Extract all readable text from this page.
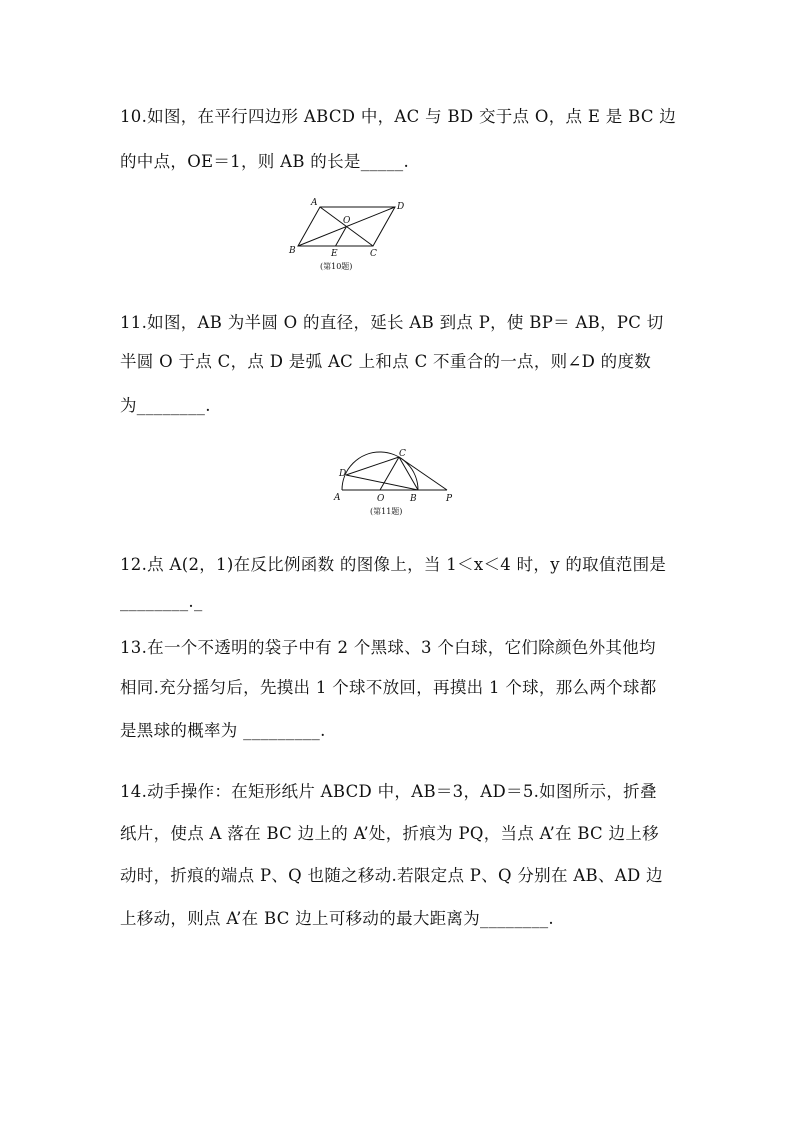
10.如图，在平行四边形 ABCD 中，AC 与 BD 交于点 O，点 E 是 BC 边
的中点，OE＝1，则 AB 的长是_____.
A	D
B	C
O
E
(第10题)
11.如图，AB 为半圆 O 的直径，延长 AB 到点 P，使 BP＝ AB，PC 切
半圆 O 于点 C，点 D 是弧 AC 上和点 C 不重合的一点，则∠D 的度数
为________.
A	O	B	P
C
D
(第11题)
12.点 A(2，1)在反比例函数 的图像上，当 1＜x＜4 时，y 的取值范围是
________._
13.在一个不透明的袋子中有 2 个黑球、3 个白球，它们除颜色外其他均
相同.充分摇匀后，先摸出 1 个球不放回，再摸出 1 个球，那么两个球都
是黑球的概率为 _________.
14.动手操作：在矩形纸片 ABCD 中，AB＝3，AD＝5.如图所示，折叠
纸片，使点 A 落在 BC 边上的 A’处，折痕为 PQ，当点 A’在 BC 边上移
动时，折痕的端点 P、Q 也随之移动.若限定点 P、Q 分别在 AB、AD 边
上移动，则点 A’在 BC 边上可移动的最大距离为________.
